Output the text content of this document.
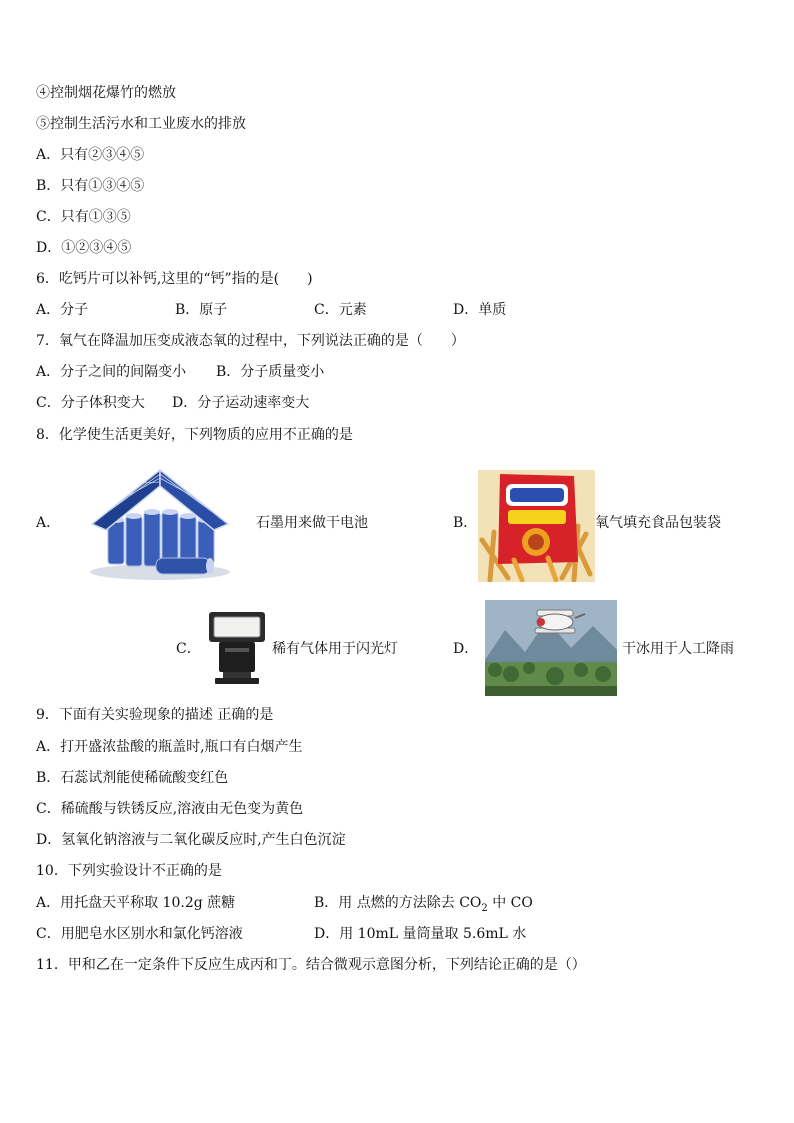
④控制烟花爆竹的燃放
⑤控制生活污水和工业废水的排放
A．只有②③④⑤
B．只有①③④⑤
C．只有①③⑤
D．①②③④⑤
6．吃钙片可以补钙,这里的“钙”指的是(　　)
A．分子	B．原子	C．元素	D．单质
7．氧气在降温加压变成液态氧的过程中，下列说法正确的是（　　）
A．分子之间的间隔变小 B．分子质量变小
C．分子体积变大 D．分子运动速率变大
8．化学使生活更美好，下列物质的应用不正确的是
A．	石墨用来做干电池	B．	氧气填充食品包装袋
C．	稀有气体用于闪光灯	D．	干冰用于人工降雨
9．下面有关实验现象的描述 正确的是
A．打开盛浓盐酸的瓶盖时,瓶口有白烟产生
B．石蕊试剂能使稀硫酸变红色
C．稀硫酸与铁锈反应,溶液由无色变为黄色
D．氢氧化钠溶液与二氧化碳反应时,产生白色沉淀
10．下列实验设计不正确的是
A．用托盘天平称取 10.2g 蔗糖	B．用 点燃的方法除去 $CO_2$ 中 CO
C．用肥皂水区别水和氯化钙溶液	D．用 10mL 量筒量取 5.6mL 水
11．甲和乙在一定条件下反应生成丙和丁。结合微观示意图分析，下列结论正确的是（）
